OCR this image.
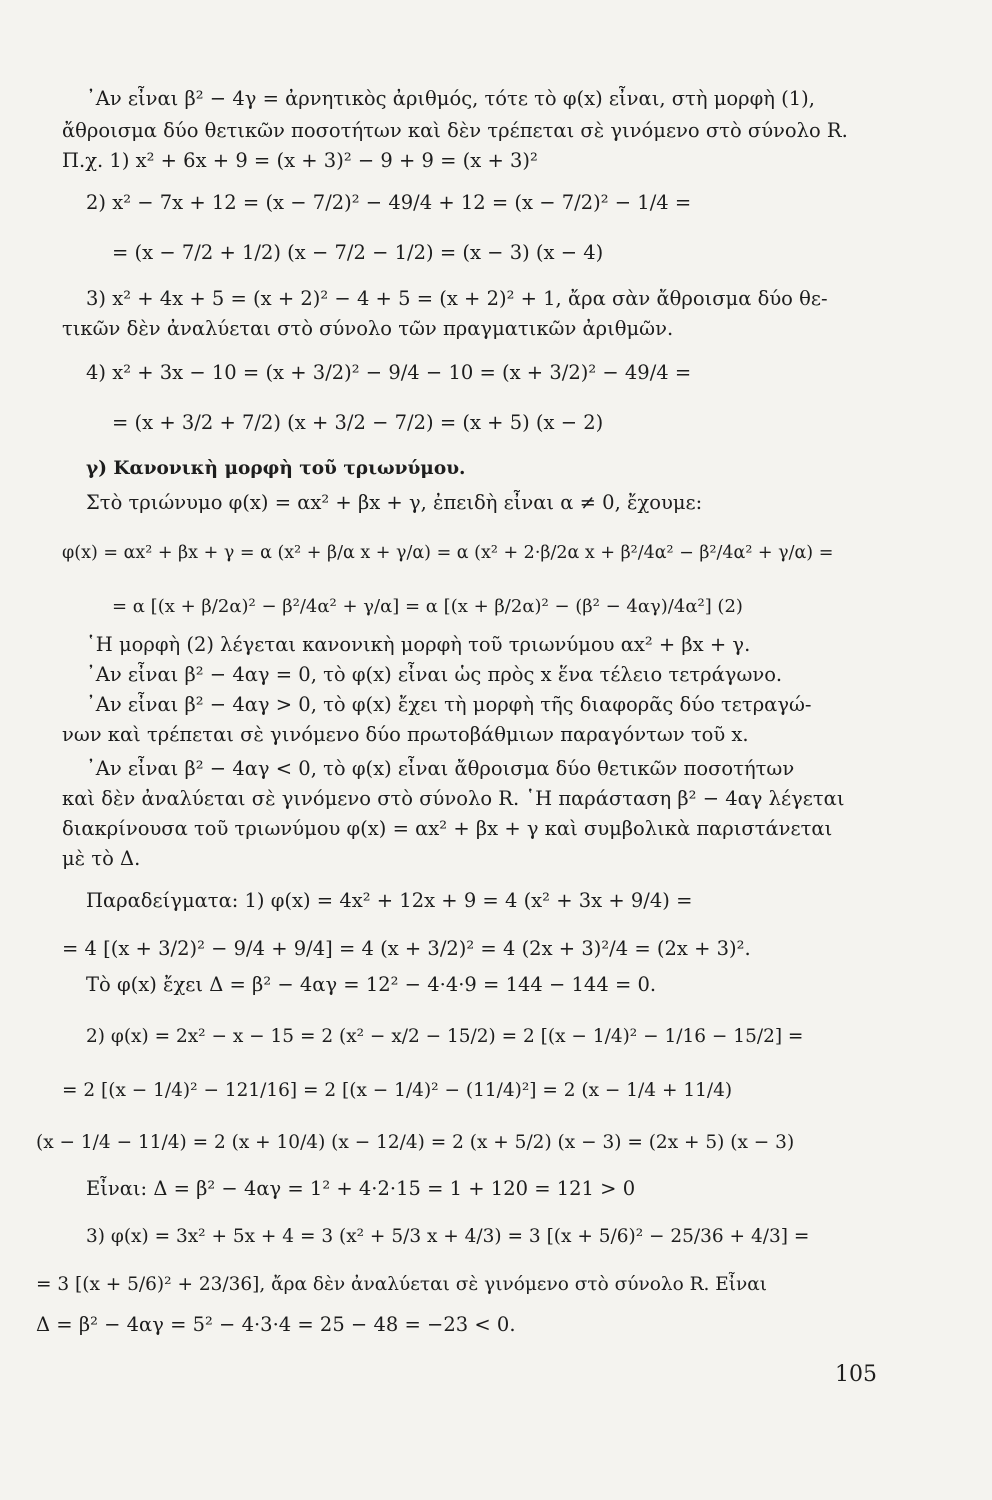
᾿Αν εἶναι β² − 4γ = ἀρνητικὸς ἀριθμός, τότε τὸ φ(x) εἶναι, στὴ μορφὴ (1),
ἄθροισμα δύο θετικῶν ποσοτήτων καὶ δὲν τρέπεται σὲ γινόμενο στὸ σύνολο R.
Π.χ. 1) x² + 6x + 9 = (x + 3)² − 9 + 9 = (x + 3)²
2) x² − 7x + 12 = (x − 7/2)² − 49/4 + 12 = (x − 7/2)² − 1/4 =
= (x − 7/2 + 1/2) (x − 7/2 − 1/2) = (x − 3) (x − 4)
3) x² + 4x + 5 = (x + 2)² − 4 + 5 = (x + 2)² + 1, ἄρα σὰν ἄθροισμα δύο θε-
τικῶν δὲν ἀναλύεται στὸ σύνολο τῶν πραγματικῶν ἀριθμῶν.
4) x² + 3x − 10 = (x + 3/2)² − 9/4 − 10 = (x + 3/2)² − 49/4 =
= (x + 3/2 + 7/2) (x + 3/2 − 7/2) = (x + 5) (x − 2)
γ) Κανονικὴ μορφὴ τοῦ τριωνύμου.
Στὸ τριώνυμο φ(x) = αx² + βx + γ, ἐπειδὴ εἶναι α ≠ 0, ἔχουμε:
φ(x) = αx² + βx + γ = α (x² + β/α x + γ/α) = α (x² + 2·β/2α x + β²/4α² − β²/4α² + γ/α) =
= α [(x + β/2α)² − β²/4α² + γ/α] = α [(x + β/2α)² − (β² − 4αγ)/4α²] (2)
῾Η μορφὴ (2) λέγεται κανονικὴ μορφὴ τοῦ τριωνύμου αx² + βx + γ.
᾿Αν εἶναι β² − 4αγ = 0, τὸ φ(x) εἶναι ὡς πρὸς x ἕνα τέλειο τετράγωνο.
᾿Αν εἶναι β² − 4αγ > 0, τὸ φ(x) ἔχει τὴ μορφὴ τῆς διαφορᾶς δύο τετραγώ-
νων καὶ τρέπεται σὲ γινόμενο δύο πρωτοβάθμιων παραγόντων τοῦ x.
᾿Αν εἶναι β² − 4αγ < 0, τὸ φ(x) εἶναι ἄθροισμα δύο θετικῶν ποσοτήτων
καὶ δὲν ἀναλύεται σὲ γινόμενο στὸ σύνολο R. ῾Η παράσταση β² − 4αγ λέγεται
διακρίνουσα τοῦ τριωνύμου φ(x) = αx² + βx + γ καὶ συμβολικὰ παριστάνεται
μὲ τὸ Δ.
Παραδείγματα: 1) φ(x) = 4x² + 12x + 9 = 4 (x² + 3x + 9/4) =
= 4 [(x + 3/2)² − 9/4 + 9/4] = 4 (x + 3/2)² = 4 (2x + 3)²/4 = (2x + 3)².
Τὸ φ(x) ἔχει Δ = β² − 4αγ = 12² − 4·4·9 = 144 − 144 = 0.
2) φ(x) = 2x² − x − 15 = 2 (x² − x/2 − 15/2) = 2 [(x − 1/4)² − 1/16 − 15/2] =
= 2 [(x − 1/4)² − 121/16] = 2 [(x − 1/4)² − (11/4)²] = 2 (x − 1/4 + 11/4)
(x − 1/4 − 11/4) = 2 (x + 10/4) (x − 12/4) = 2 (x + 5/2) (x − 3) = (2x + 5) (x − 3)
Εἶναι: Δ = β² − 4αγ = 1² + 4·2·15 = 1 + 120 = 121 > 0
3) φ(x) = 3x² + 5x + 4 = 3 (x² + 5/3 x + 4/3) = 3 [(x + 5/6)² − 25/36 + 4/3] =
= 3 [(x + 5/6)² + 23/36], ἄρα δὲν ἀναλύεται σὲ γινόμενο στὸ σύνολο R. Εἶναι
Δ = β² − 4αγ = 5² − 4·3·4 = 25 − 48 = −23 < 0.
105
